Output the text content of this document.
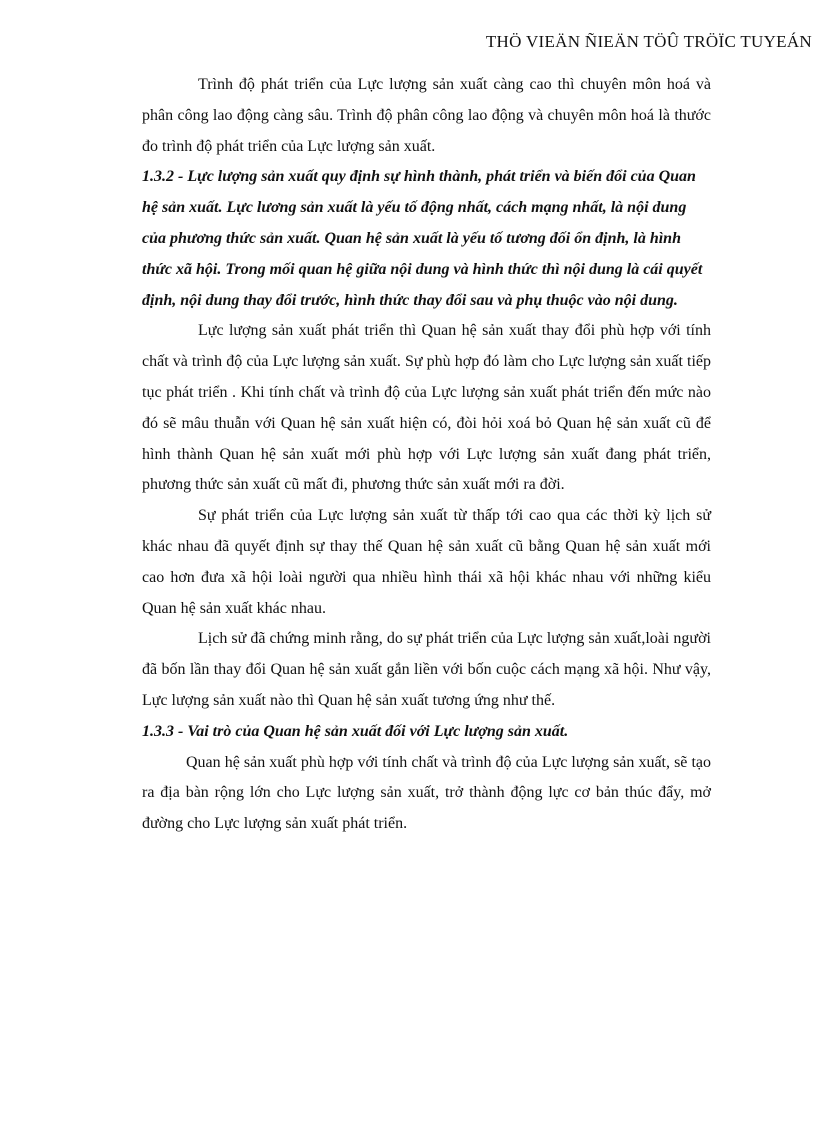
THÖ VIEÄN ÑIEÄN TÖÛ TRÖÏC TUYEÁN

Trình độ phát triển của Lực lượng sản xuất càng cao thì chuyên môn hoá và phân công lao động càng sâu. Trình độ phân công lao động và chuyên môn hoá là thước đo trình độ phát triển của Lực lượng sản xuất.

1.3.2 - Lực lượng sản xuất quy định sự hình thành, phát triển và biến đổi của Quan hệ sản xuất. Lực lương sản xuất là yếu tố động nhất, cách mạng nhất, là nội dung của phương thức sản xuất. Quan hệ sản xuất là yếu tố tương đối ổn định, là hình thức xã hội. Trong mối quan hệ giữa nội dung và hình thức thì nội dung là cái quyết định, nội dung thay đổi trước, hình thức thay đổi sau và phụ thuộc vào nội dung.

Lực lượng sản xuất phát triển thì Quan hệ sản xuất thay đổi phù hợp với tính chất và trình độ của Lực lượng sản xuất. Sự phù hợp đó làm cho Lực lượng sản xuất tiếp tục phát triển . Khi tính chất và trình độ của Lực lượng sản xuất phát triển đến mức nào đó sẽ mâu thuẫn với Quan hệ sản xuất hiện có, đòi hỏi xoá bỏ Quan hệ sản xuất cũ để hình thành Quan hệ sản xuất mới phù hợp với Lực lượng sản xuất đang phát triển, phương thức sản xuất cũ mất đi, phương thức sản xuất mới ra đời.

Sự phát triển của Lực lượng sản xuất từ thấp tới cao qua các thời kỳ lịch sử khác nhau đã quyết định sự thay thế Quan hệ sản xuất cũ bằng Quan hệ sản xuất mới cao hơn đưa xã hội loài người qua nhiều hình thái xã hội khác nhau với những kiểu Quan hệ sản xuất khác nhau.

Lịch sử đã chứng minh rằng, do sự phát triển của Lực lượng sản xuất,loài người đã bốn lần thay đổi Quan hệ sản xuất gắn liền với bốn cuộc cách mạng xã hội. Như vậy, Lực lượng sản xuất nào thì Quan hệ sản xuất tương ứng như thế.

1.3.3 - Vai trò của Quan hệ sản xuất đối với Lực lượng sản xuất.

Quan hệ sản xuất phù hợp với tính chất và trình độ của Lực lượng sản xuất, sẽ tạo ra địa bàn rộng lớn cho Lực lượng sản xuất, trở thành động lực cơ bản thúc đẩy, mở đường cho Lực lượng sản xuất phát triển.
